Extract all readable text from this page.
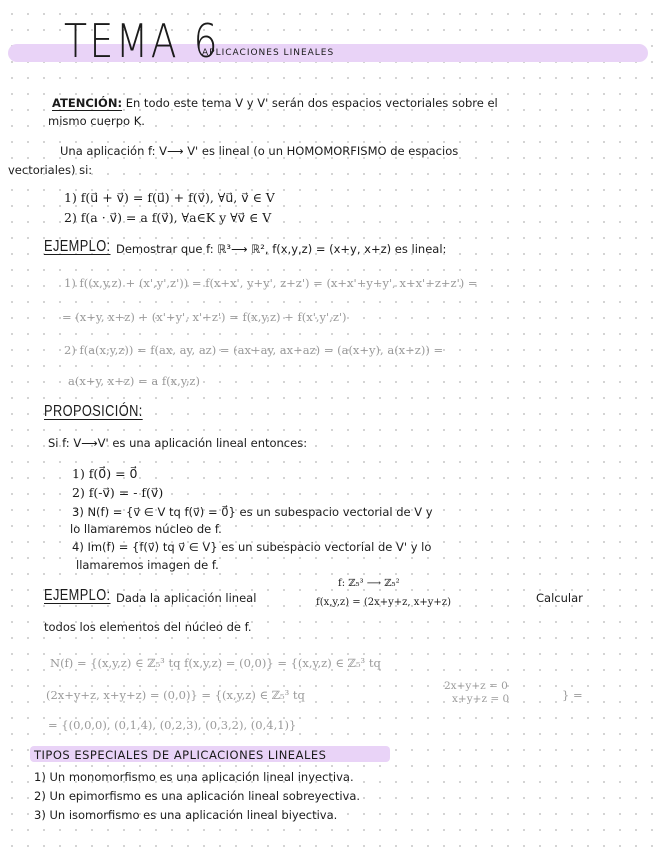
TEMA 6
APLICACIONES LINEALES
ATENCIÓN: En todo este tema V y V' serán dos espacios vectoriales sobre el
mismo cuerpo K.
Una aplicación f: V⟶ V' es lineal (o un HOMOMORFISMO de espacios
vectoriales) si:
1) f(u⃗ + v⃗) = f(u⃗) + f(v⃗), ∀u⃗, v⃗ ∈ V
2) f(a · v⃗) = a f(v⃗), ∀a∈K y ∀v⃗ ∈ V
EJEMPLO: Demostrar que f: ℝ³⟶ ℝ², f(x,y,z) = (x+y, x+z) es lineal:
1) f((x,y,z) + (x',y',z')) = f(x+x', y+y', z+z') = (x+x'+y+y', x+x'+z+z') =
= (x+y, x+z) + (x'+y', x'+z') = f(x,y,z) + f(x',y',z')
2) f(a(x,y,z)) = f(ax, ay, az) = (ax+ay, ax+az) = (a(x+y), a(x+z)) =
a(x+y, x+z) = a f(x,y,z)
PROPOSICIÓN:
Si f: V⟶V' es una aplicación lineal entonces:
1) f(0⃗) = 0⃗
2) f(-v⃗) = - f(v⃗)
3) N(f) = {v⃗ ∈ V tq f(v⃗) = 0⃗} es un subespacio vectorial de V y
lo llamaremos núcleo de f.
4) Im(f) = {f(v⃗) tq v⃗ ∈ V} es un subespacio vectorial de V' y lo
llamaremos imagen de f.
EJEMPLO: Dada la aplicación lineal
f: ℤ₅³ ⟶ ℤ₅²
f(x,y,z) = (2x+y+z, x+y+z)	Calcular
todos los elementos del núcleo de f.
N(f) = {(x,y,z) ∈ ℤ₅³ tq f(x,y,z) = (0,0)} = {(x,y,z) ∈ ℤ₅³ tq
(2x+y+z, x+y+z) = (0,0)} = {(x,y,z) ∈ ℤ₅³ tq
2x+y+z = 0
x+y+z = 0	} =
= {(0,0,0), (0,1,4), (0,2,3), (0,3,2), (0,4,1)}
TIPOS ESPECIALES DE APLICACIONES LINEALES
1) Un monomorfismo es una aplicación lineal inyectiva.
2) Un epimorfismo es una aplicación lineal sobreyectiva.
3) Un isomorfismo es una aplicación lineal biyectiva.
